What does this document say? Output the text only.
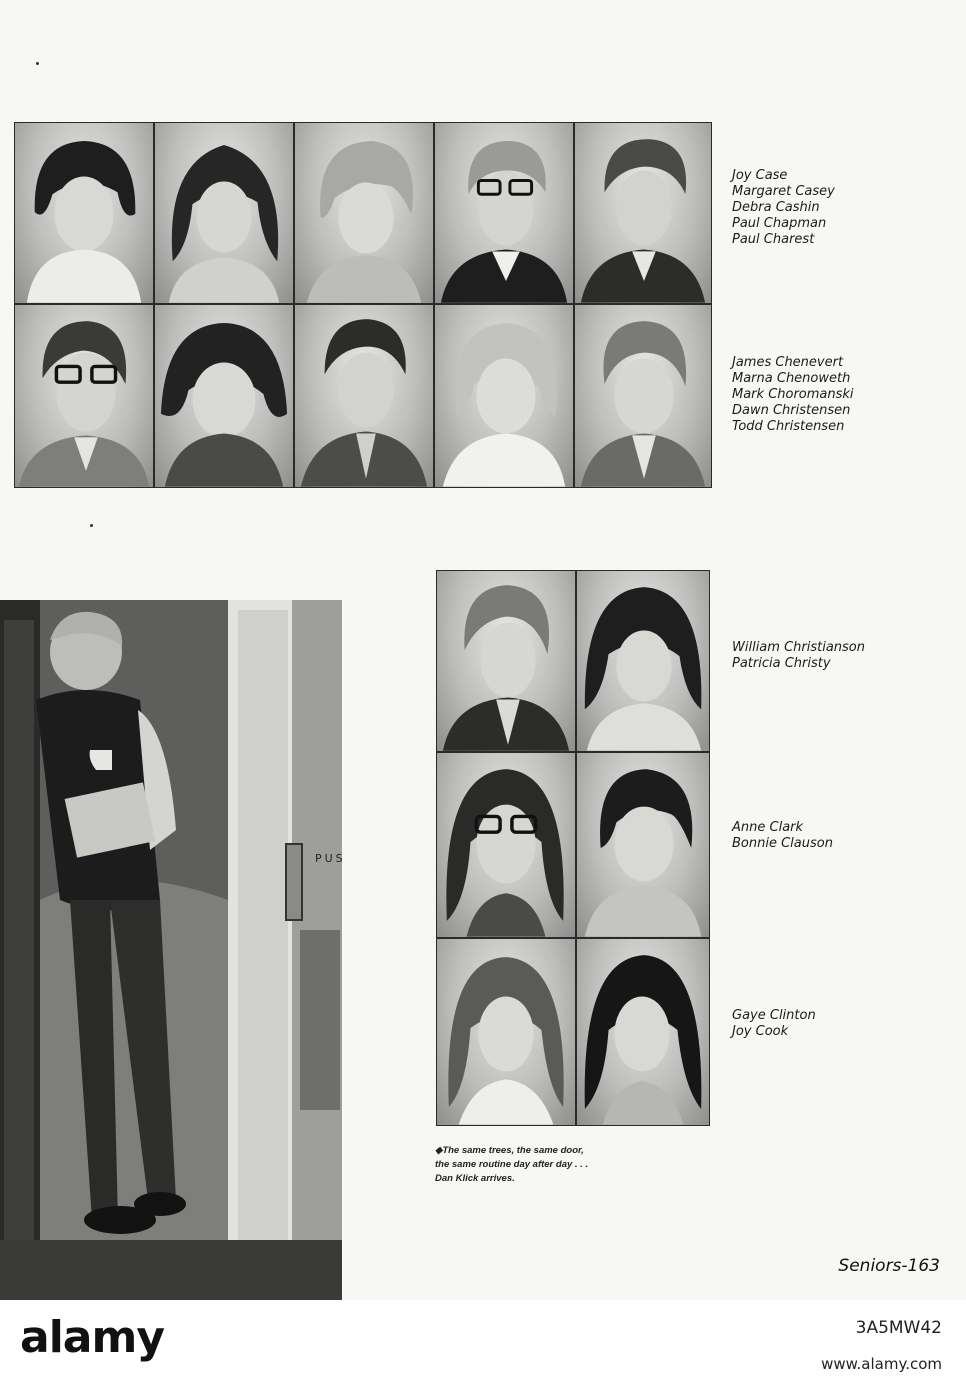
Joy Case
Margaret Casey
Debra Cashin
Paul Chapman
Paul Charest
James Chenevert
Marna Chenoweth
Mark Choromanski
Dawn Christensen
Todd Christensen
PUS
William Christianson
Patricia Christy
Anne Clark
Bonnie Clauson
Gaye Clinton
Joy Cook
◆The same trees, the same door,
the same routine day after day . . .
Dan Klick arrives.
Seniors-163
alamy	3A5MW42
www.alamy.com
